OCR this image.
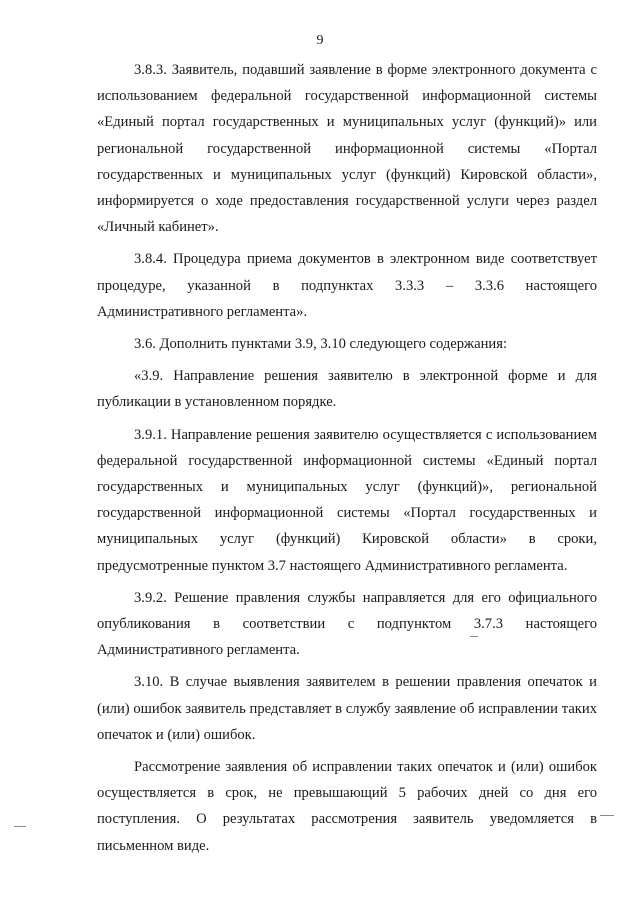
9

3.8.3. Заявитель, подавший заявление в форме электронного документа с использованием федеральной государственной информационной системы «Единый портал государственных и муниципальных услуг (функций)» или региональной государственной информационной системы «Портал государственных и муниципальных услуг (функций) Кировской области», информируется о ходе предоставления государственной услуги через раздел «Личный кабинет».

3.8.4. Процедура приема документов в электронном виде соответствует процедуре, указанной в подпунктах 3.3.3 – 3.3.6 настоящего Административного регламента».

3.6. Дополнить пунктами 3.9, 3.10 следующего содержания:

«3.9. Направление решения заявителю в электронной форме и для публикации в установленном порядке.

3.9.1. Направление решения заявителю осуществляется с использованием федеральной государственной информационной системы «Единый портал государственных и муниципальных услуг (функций)», региональной государственной информационной системы «Портал государственных и муниципальных услуг (функций) Кировской области» в сроки, предусмотренные пунктом 3.7 настоящего Административного регламента.

3.9.2. Решение правления службы направляется для его официального опубликования в соответствии с подпунктом 3.7.3 настоящего Административного регламента.

3.10. В случае выявления заявителем в решении правления опечаток и (или) ошибок заявитель представляет в службу заявление об исправлении таких опечаток и (или) ошибок.

Рассмотрение заявления об исправлении таких опечаток и (или) ошибок осуществляется в срок, не превышающий 5 рабочих дней со дня его поступления. О результатах рассмотрения заявитель уведомляется в письменном виде.
